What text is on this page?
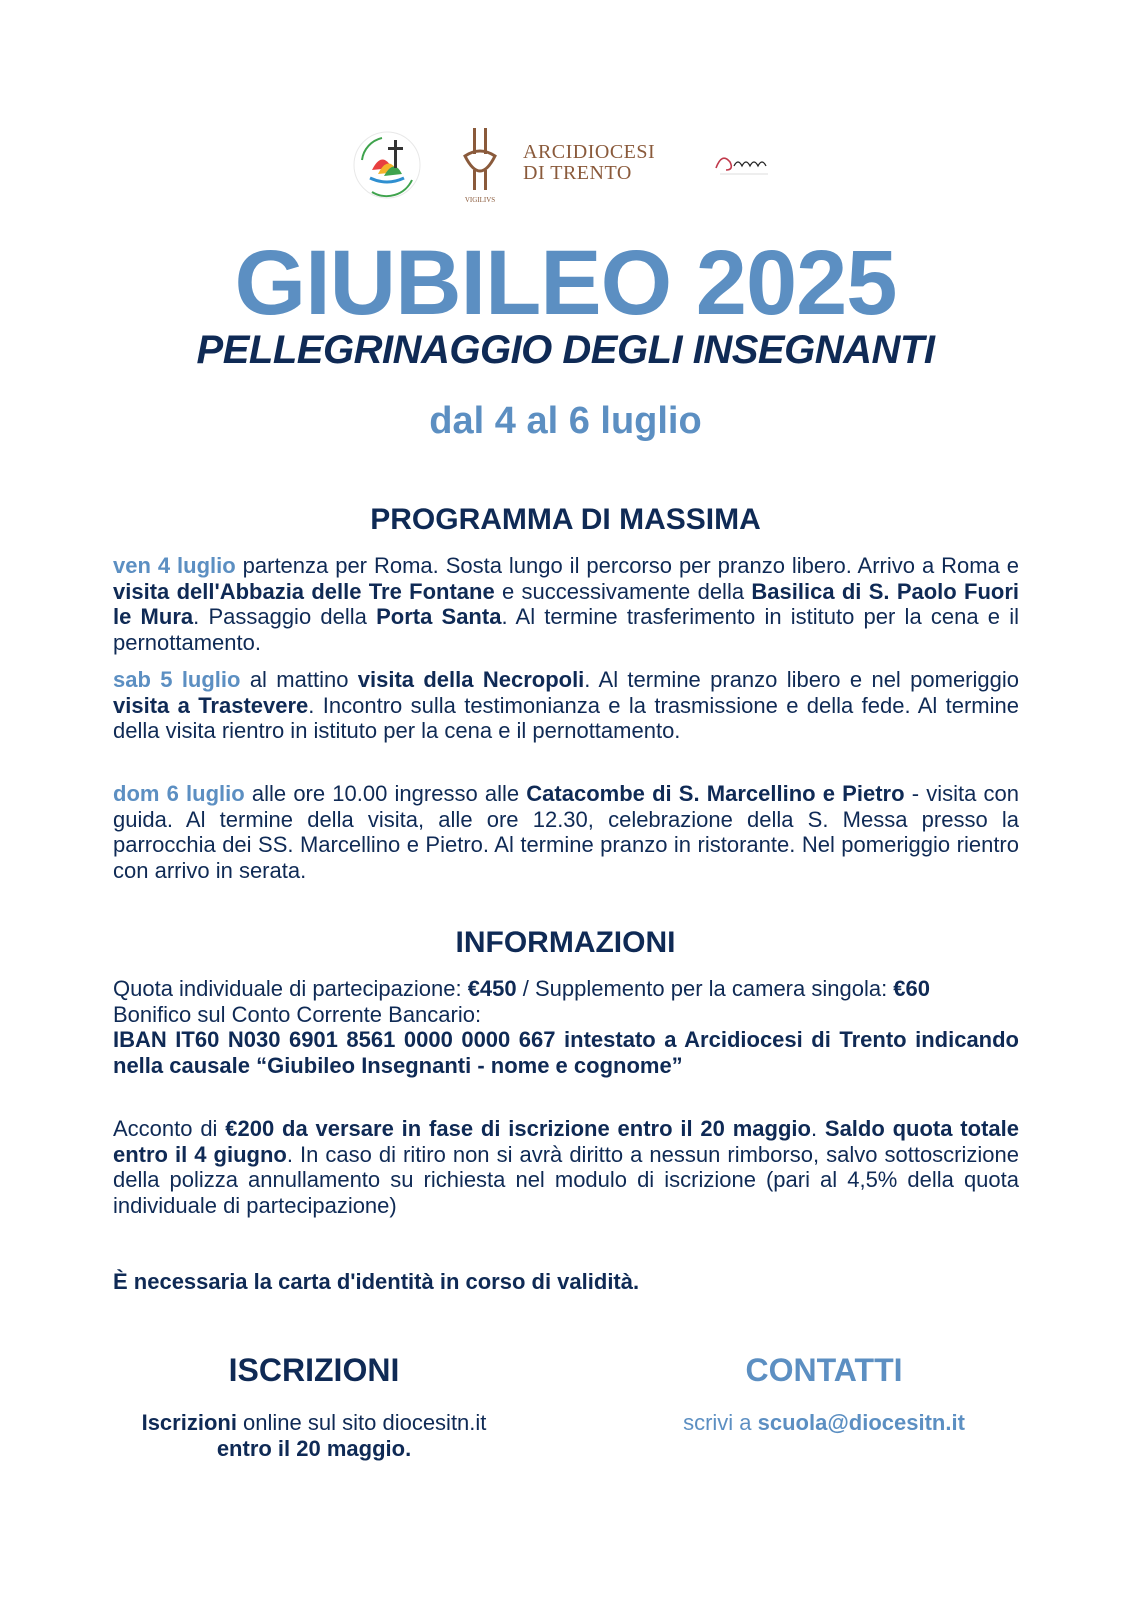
VIGILIVS
ARCIDIOCESI
DI TRENTO
GIUBILEO 2025
PELLEGRINAGGIO DEGLI INSEGNANTI
dal 4 al 6 luglio
PROGRAMMA DI MASSIMA
ven 4 luglio partenza per Roma. Sosta lungo il percorso per pranzo libero. Arrivo a Roma e visita dell'Abbazia delle Tre Fontane e successivamente della Basilica di S. Paolo Fuori le Mura. Passaggio della Porta Santa. Al termine trasferimento in istituto per la cena e il pernottamento.
sab 5 luglio al mattino visita della Necropoli. Al termine pranzo libero e nel pomeriggio visita a Trastevere. Incontro sulla testimonianza e la trasmissione e della fede. Al termine della visita rientro in istituto per la cena e il pernottamento.
dom 6 luglio alle ore 10.00 ingresso alle Catacombe di S. Marcellino e Pietro - visita con guida. Al termine della visita, alle ore 12.30, celebrazione della S. Messa presso la parrocchia dei SS. Marcellino e Pietro. Al termine pranzo in ristorante. Nel pomeriggio rientro con arrivo in serata.
INFORMAZIONI
Quota individuale di partecipazione: €450 / Supplemento per la camera singola: €60
Bonifico sul Conto Corrente Bancario:
IBAN IT60 N030 6901 8561 0000 0000 667 intestato a Arcidiocesi di Trento indicando nella causale “Giubileo Insegnanti - nome e cognome”
Acconto di €200 da versare in fase di iscrizione entro il 20 maggio. Saldo quota totale entro il 4 giugno. In caso di ritiro non si avrà diritto a nessun rimborso, salvo sottoscrizione della polizza annullamento su richiesta nel modulo di iscrizione (pari al 4,5% della quota individuale di partecipazione)
È necessaria la carta d'identità in corso di validità.
ISCRIZIONI
Iscrizioni online sul sito diocesitn.it
entro il 20 maggio.
CONTATTI
scrivi a scuola@diocesitn.it
